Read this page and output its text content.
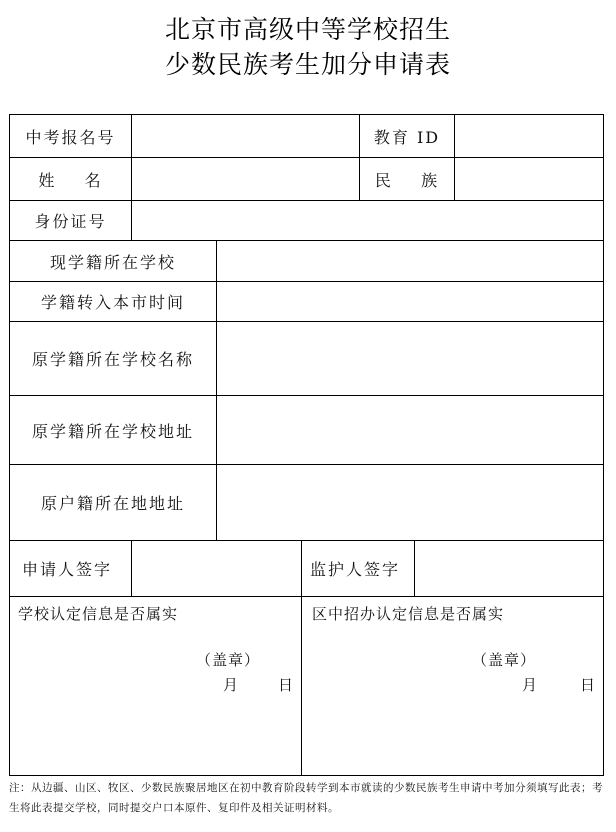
北京市高级中等学校招生
少数民族考生加分申请表
中考报名号	教育 ID
姓    名	民    族
身份证号
现学籍所在学校
学籍转入本市时间
原学籍所在学校名称
原学籍所在学校地址
原户籍所在地地址
申请人签字	监护人签字
学校认定信息是否属实
（盖章）
月	日
区中招办认定信息是否属实
（盖章）
月	日
注：从边疆、山区、牧区、少数民族聚居地区在初中教育阶段转学到本市就读的少数民族考生申请中考加分须填写此表；考生将此表提交学校，同时提交户口本原件、复印件及相关证明材料。
